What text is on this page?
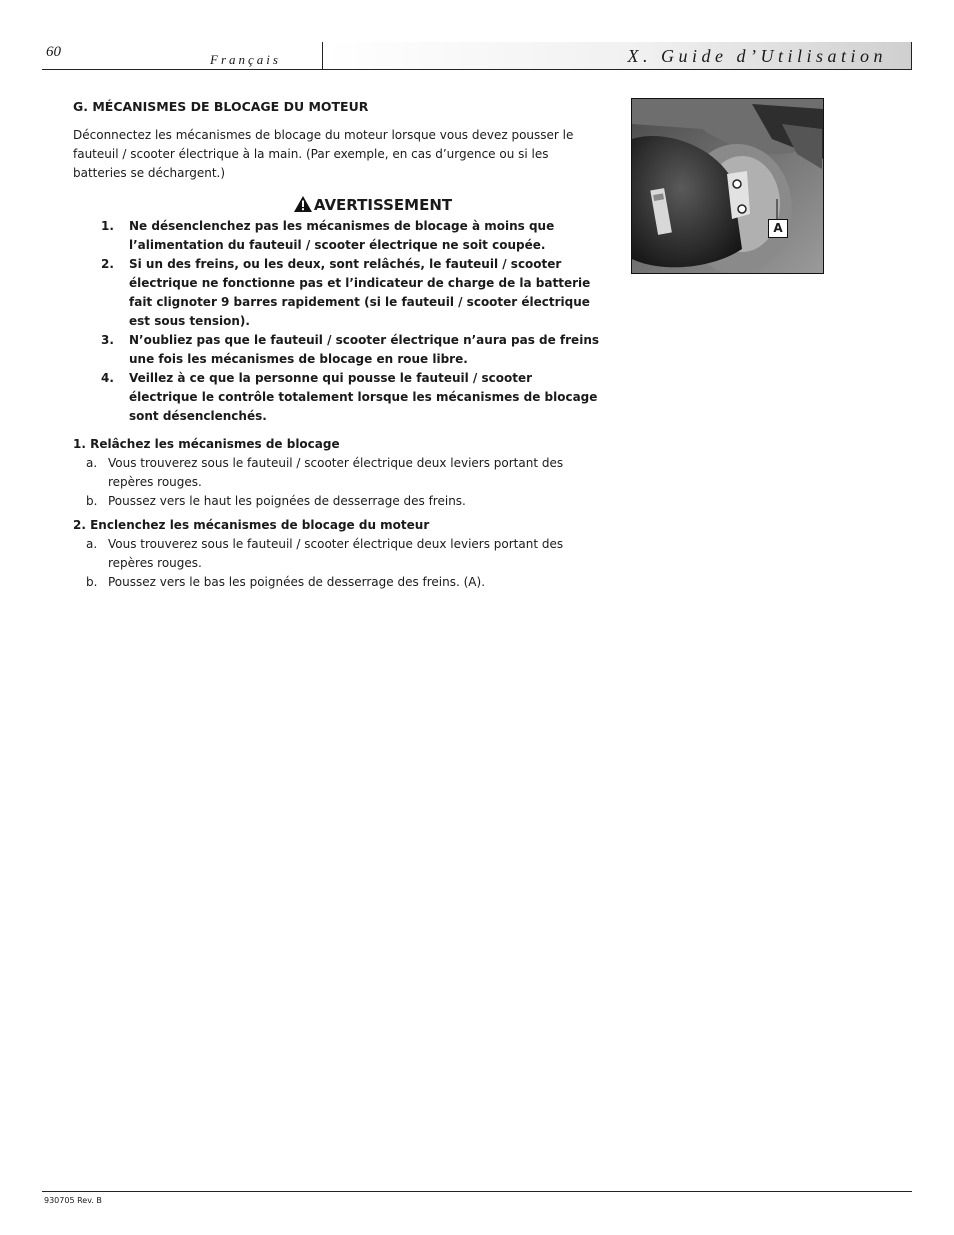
60	Français	X. Guide d’Utilisation

G. MÉCANISMES DE BLOCAGE DU MOTEUR

Déconnectez les mécanismes de blocage du moteur lorsque vous devez pousser le fauteuil / scooter électrique à la main. (Par exemple, en cas d’urgence ou si les batteries se déchargent.)

AVERTISSEMENT
1. Ne désenclenchez pas les mécanismes de blocage à moins que l’alimentation du fauteuil / scooter électrique ne soit coupée.
2. Si un des freins, ou les deux, sont relâchés, le fauteuil / scooter électrique ne fonctionne pas et l’indicateur de charge de la batterie fait clignoter 9 barres rapidement (si le fauteuil / scooter électrique est sous tension).
3. N’oubliez pas que le fauteuil / scooter électrique n’aura pas de freins une fois les mécanismes de blocage en roue libre.
4. Veillez à ce que la personne qui pousse le fauteuil / scooter électrique le contrôle totalement lorsque les mécanismes de blocage sont désenclenchés.

1. Relâchez les mécanismes de blocage

a. Vous trouverez sous le fauteuil / scooter électrique deux leviers portant des repères rouges.
b. Poussez vers le haut les poignées de desserrage des freins.

2. Enclenchez les mécanismes de blocage du moteur

a. Vous trouverez sous le fauteuil / scooter électrique deux leviers portant des repères rouges.
b. Poussez vers le bas les poignées de desserrage des freins. (A).
A
930705 Rev. B
